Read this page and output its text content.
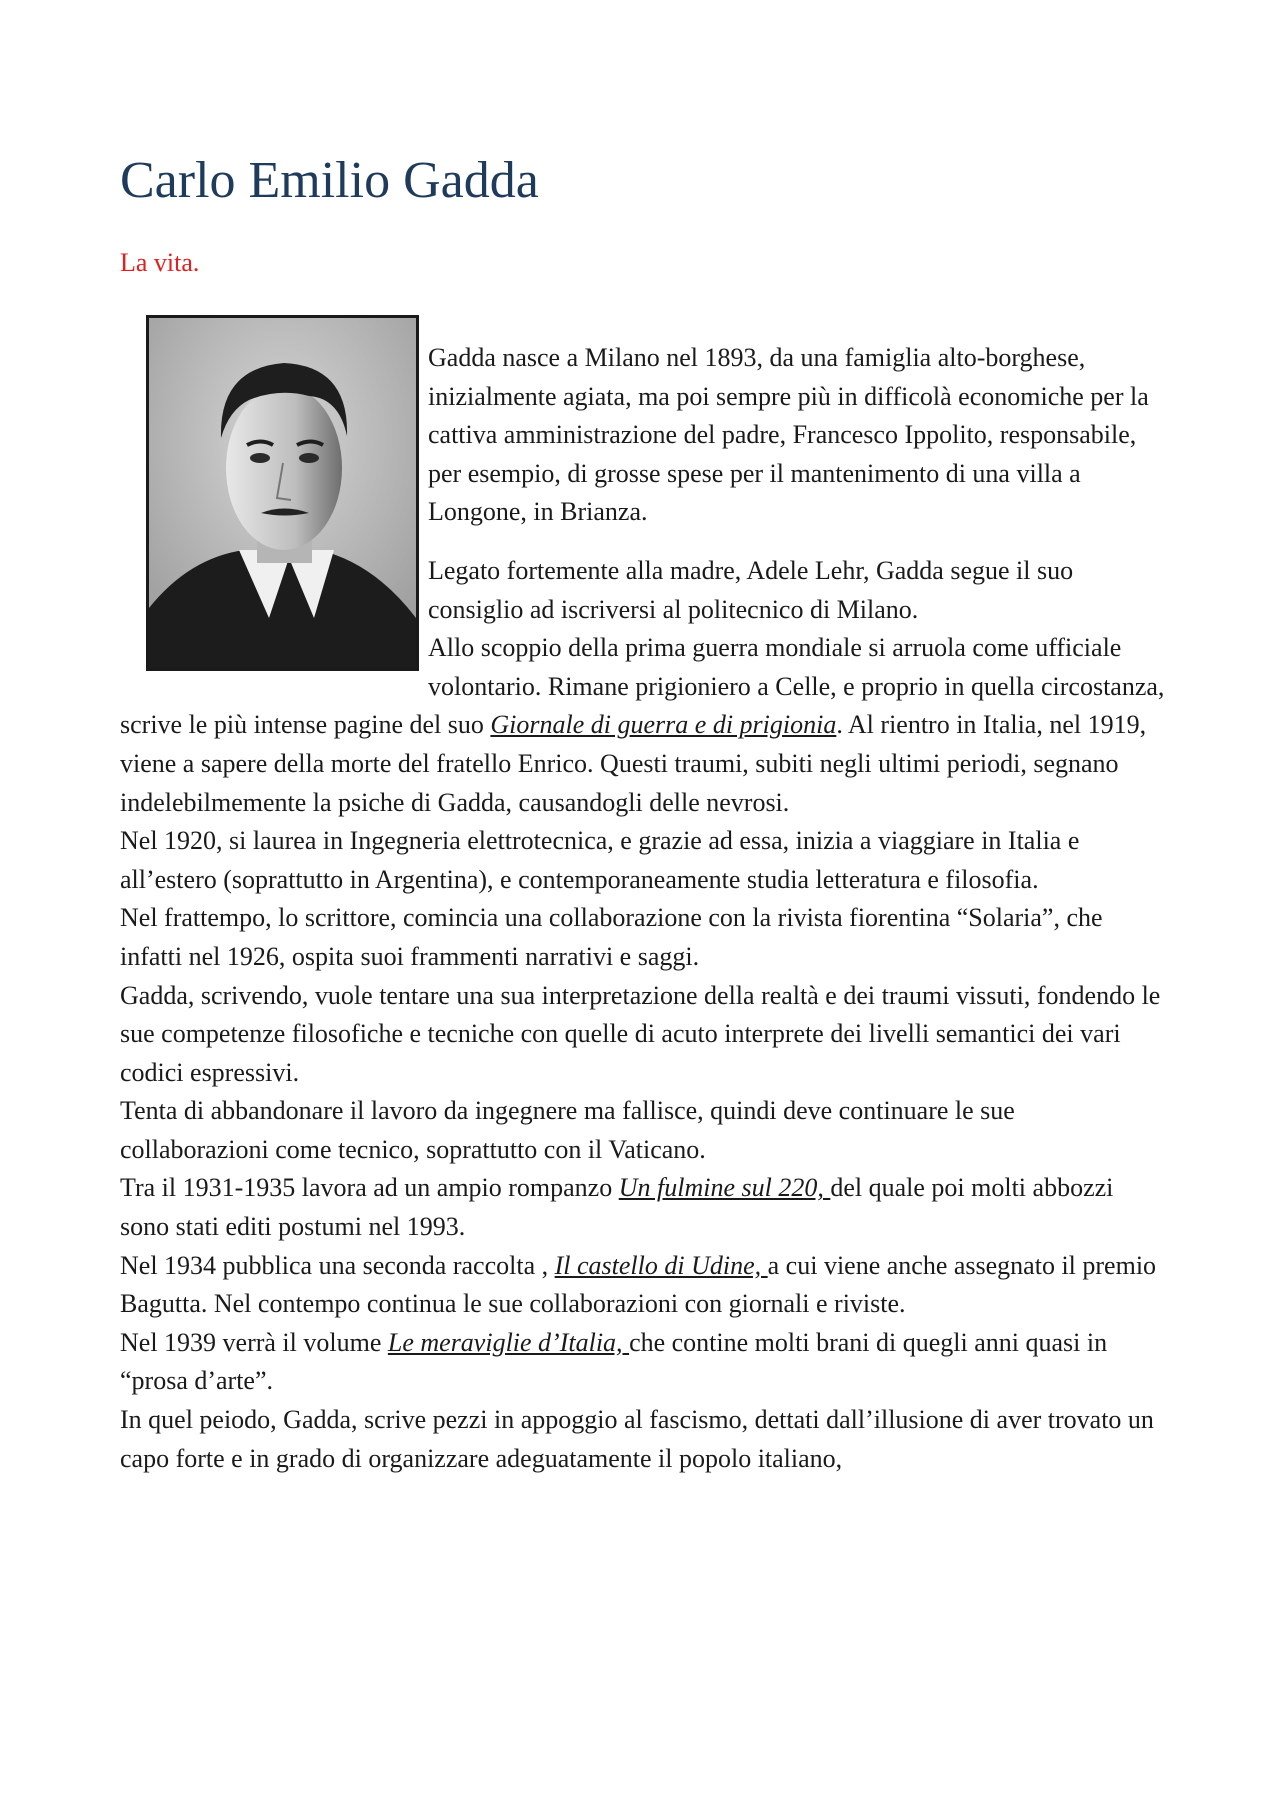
Carlo Emilio Gadda
La vita.

Gadda nasce a Milano nel 1893, da una famiglia alto-borghese, inizialmente agiata, ma poi sempre più in difficolà economiche per la cattiva amministrazione del padre, Francesco Ippolito, responsabile, per esempio, di grosse spese per il mantenimento di una villa a Longone, in Brianza.

Legato fortemente alla madre, Adele Lehr, Gadda segue il suo consiglio ad iscriversi al politecnico di Milano.

Allo scoppio della prima guerra mondiale si arruola come ufficiale volontario. Rimane prigioniero a Celle, e proprio in quella circostanza, scrive le più intense pagine del suo Giornale di guerra e di prigionia. Al rientro in Italia, nel 1919, viene a sapere della morte del fratello Enrico. Questi traumi, subiti negli ultimi periodi, segnano indelebilmemente la psiche di Gadda, causandogli delle nevrosi.

Nel 1920, si laurea in Ingegneria elettrotecnica, e grazie ad essa, inizia a viaggiare in Italia e all’estero (soprattutto in Argentina), e contemporaneamente studia letteratura e filosofia.

Nel frattempo, lo scrittore, comincia una collaborazione con la rivista fiorentina “Solaria”, che infatti nel 1926, ospita suoi frammenti narrativi e saggi.

Gadda, scrivendo, vuole tentare una sua interpretazione della realtà e dei traumi vissuti, fondendo le sue competenze filosofiche e tecniche con quelle di acuto interprete dei livelli semantici dei vari codici espressivi.

Tenta di abbandonare il lavoro da ingegnere ma fallisce, quindi deve continuare le sue collaborazioni come tecnico, soprattutto con il Vaticano.

Tra il 1931-1935 lavora ad un ampio rompanzo Un fulmine sul 220, del quale poi molti abbozzi sono stati editi postumi nel 1993.

Nel 1934 pubblica una seconda raccolta , Il castello di Udine, a cui viene anche assegnato il premio Bagutta. Nel contempo continua le sue collaborazioni con giornali e riviste.

Nel 1939 verrà il volume Le meraviglie d’Italia, che contine molti brani di quegli anni quasi in “prosa d’arte”.

In quel peiodo, Gadda, scrive pezzi in appoggio al fascismo, dettati dall’illusione di aver trovato un capo forte e in grado di organizzare adeguatamente il popolo italiano,
